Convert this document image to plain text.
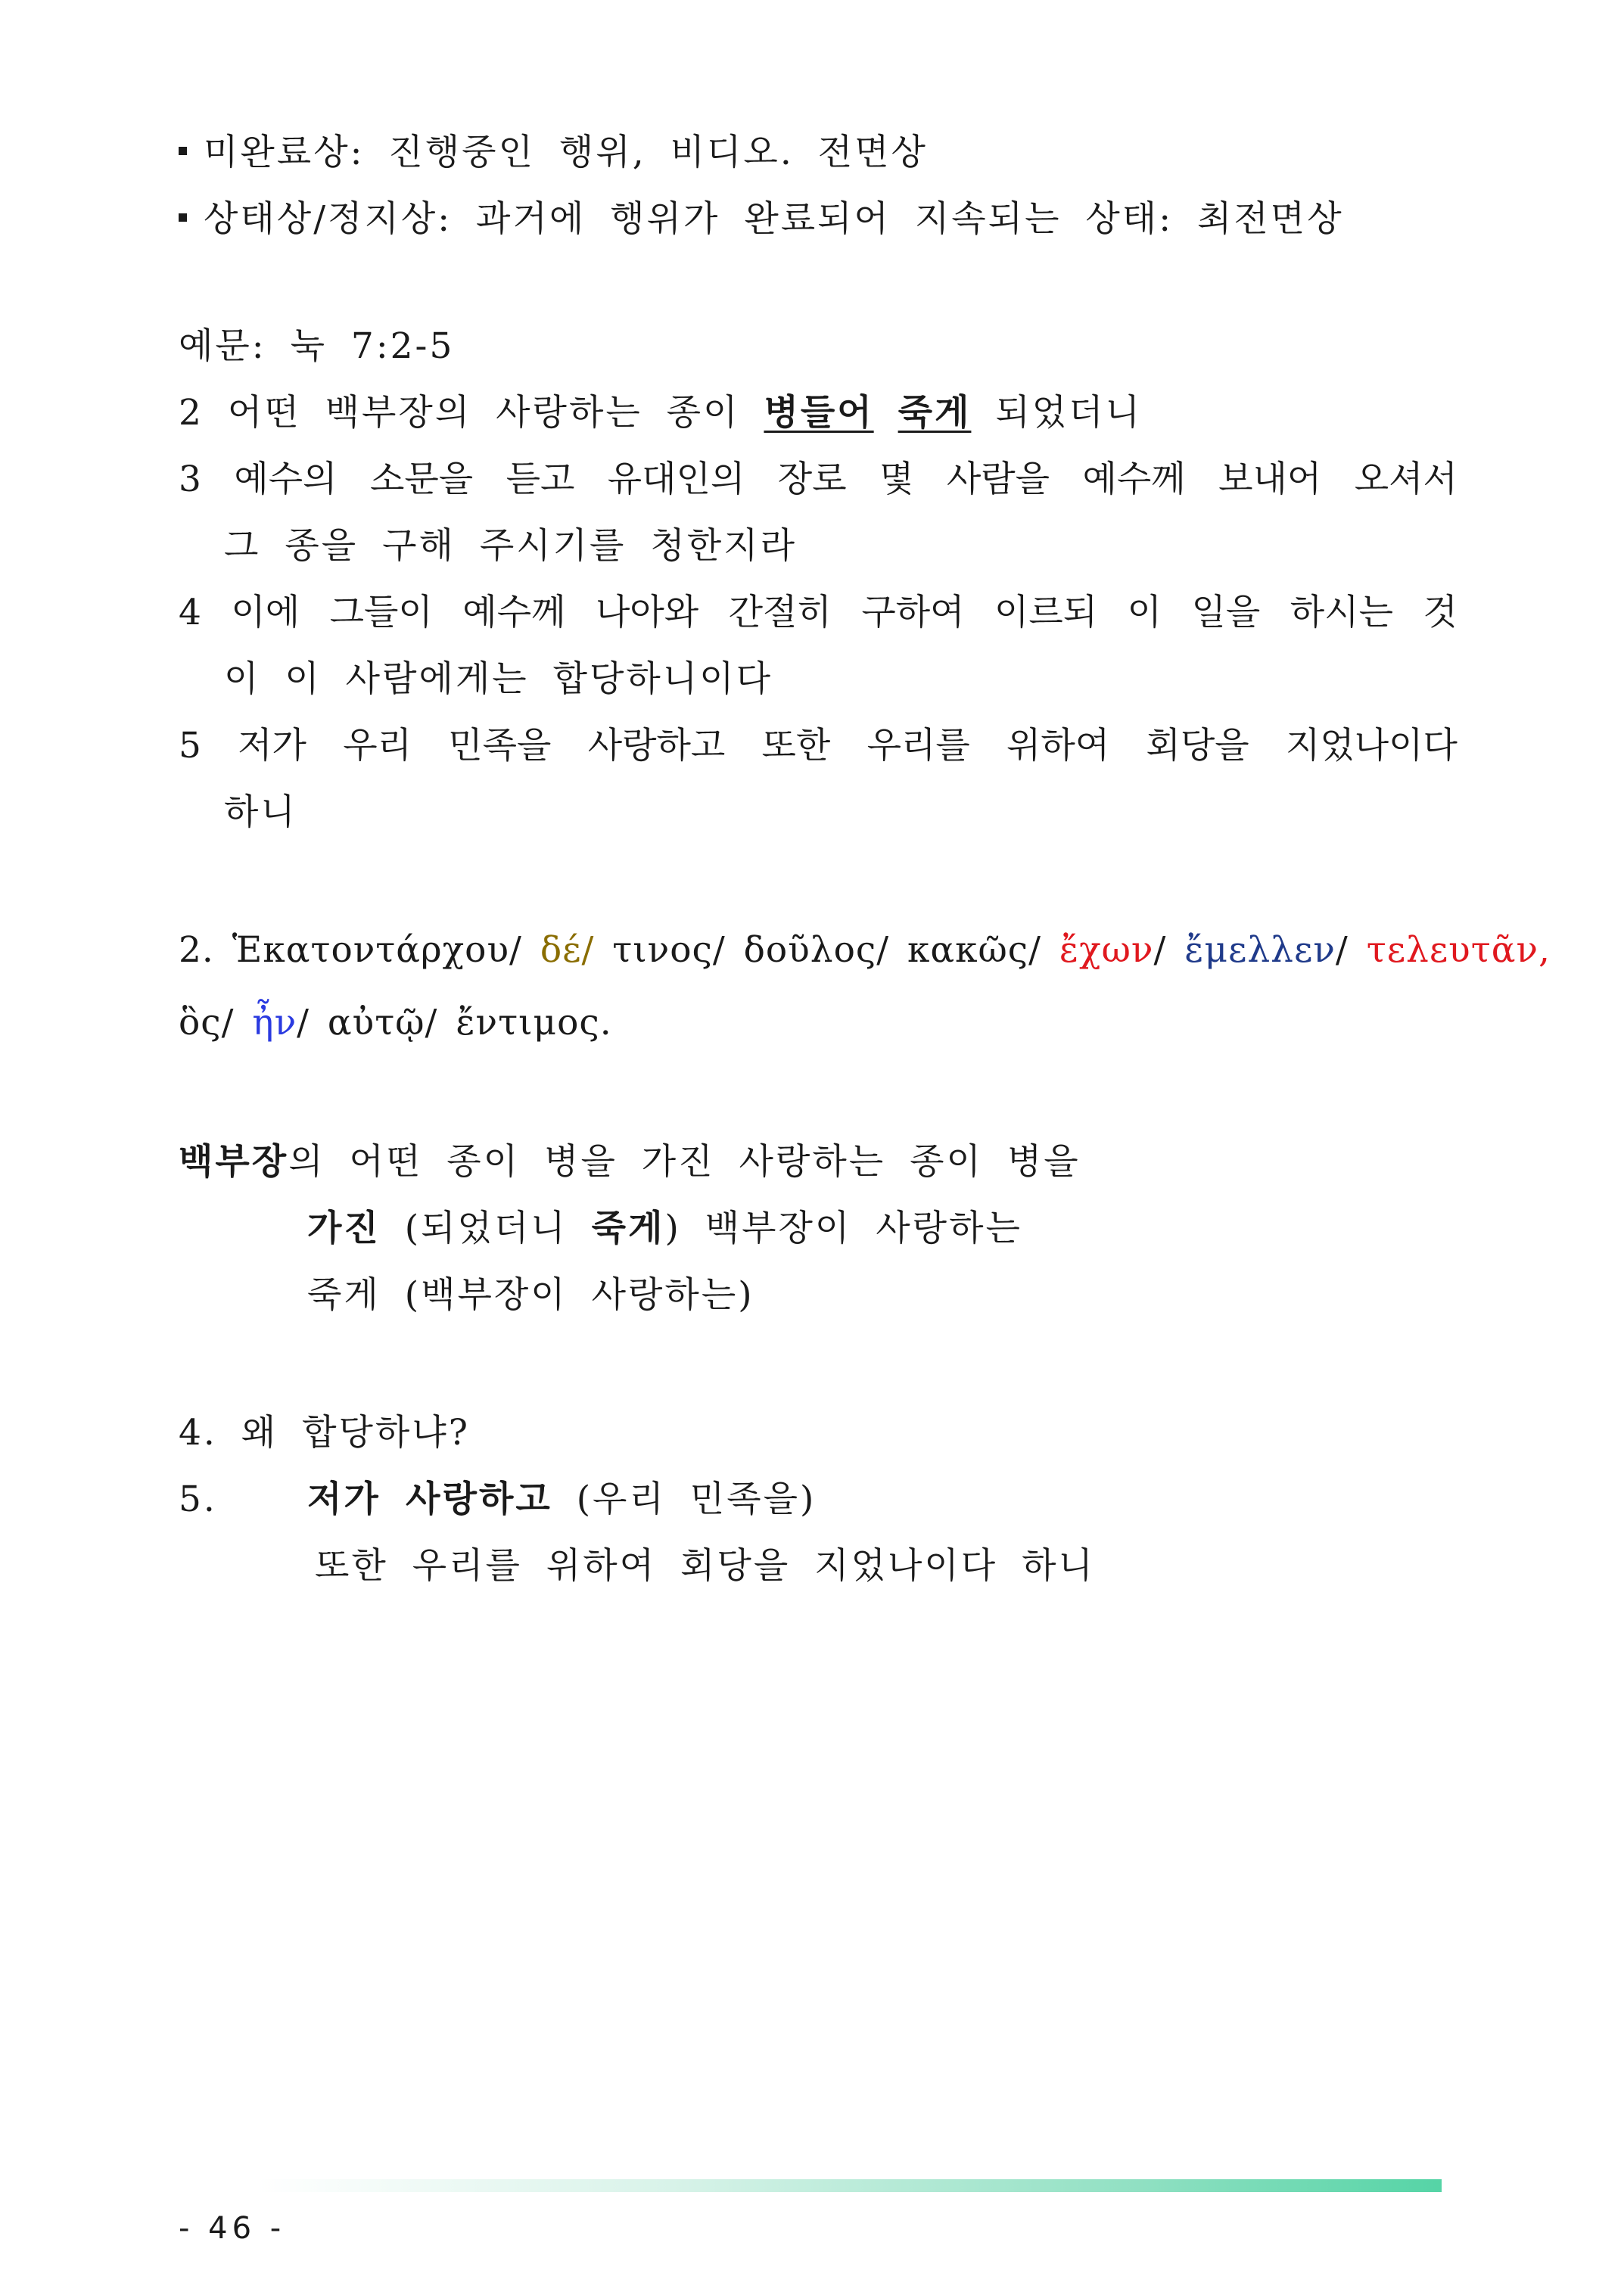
미완료상: 진행중인 행위, 비디오. 전면상
상태상/정지상: 과거에 행위가 완료되어 지속되는 상태: 최전면상
예문: 눅 7:2-5
2 어떤 백부장의 사랑하는 종이 병들어 죽게 되었더니
3 예수의 소문을 듣고 유대인의 장로 몇 사람을 예수께 보내어 오셔서
그 종을 구해 주시기를 청한지라
4 이에 그들이 예수께 나아와 간절히 구하여 이르되 이 일을 하시는 것
이 이 사람에게는 합당하니이다
5 저가 우리 민족을 사랑하고 또한 우리를 위하여 회당을 지었나이다
하니
2. Ἑκατοντάρχου/ δέ/ τινος/ δοῦλος/ κακῶς/ ἔχων/ ἔμελλεν/ τελευτᾶν,
ὃς/ ἦν/ αὐτῷ/ ἔντιμος.
백부장의 어떤 종이 병을 가진 사랑하는 종이 병을
가진 (되었더니 죽게) 백부장이 사랑하는
죽게 (백부장이 사랑하는)
4. 왜 합당하냐?
5.	저가 사랑하고 (우리 민족을)
또한 우리를 위하여 회당을 지었나이다 하니
- 46 -
